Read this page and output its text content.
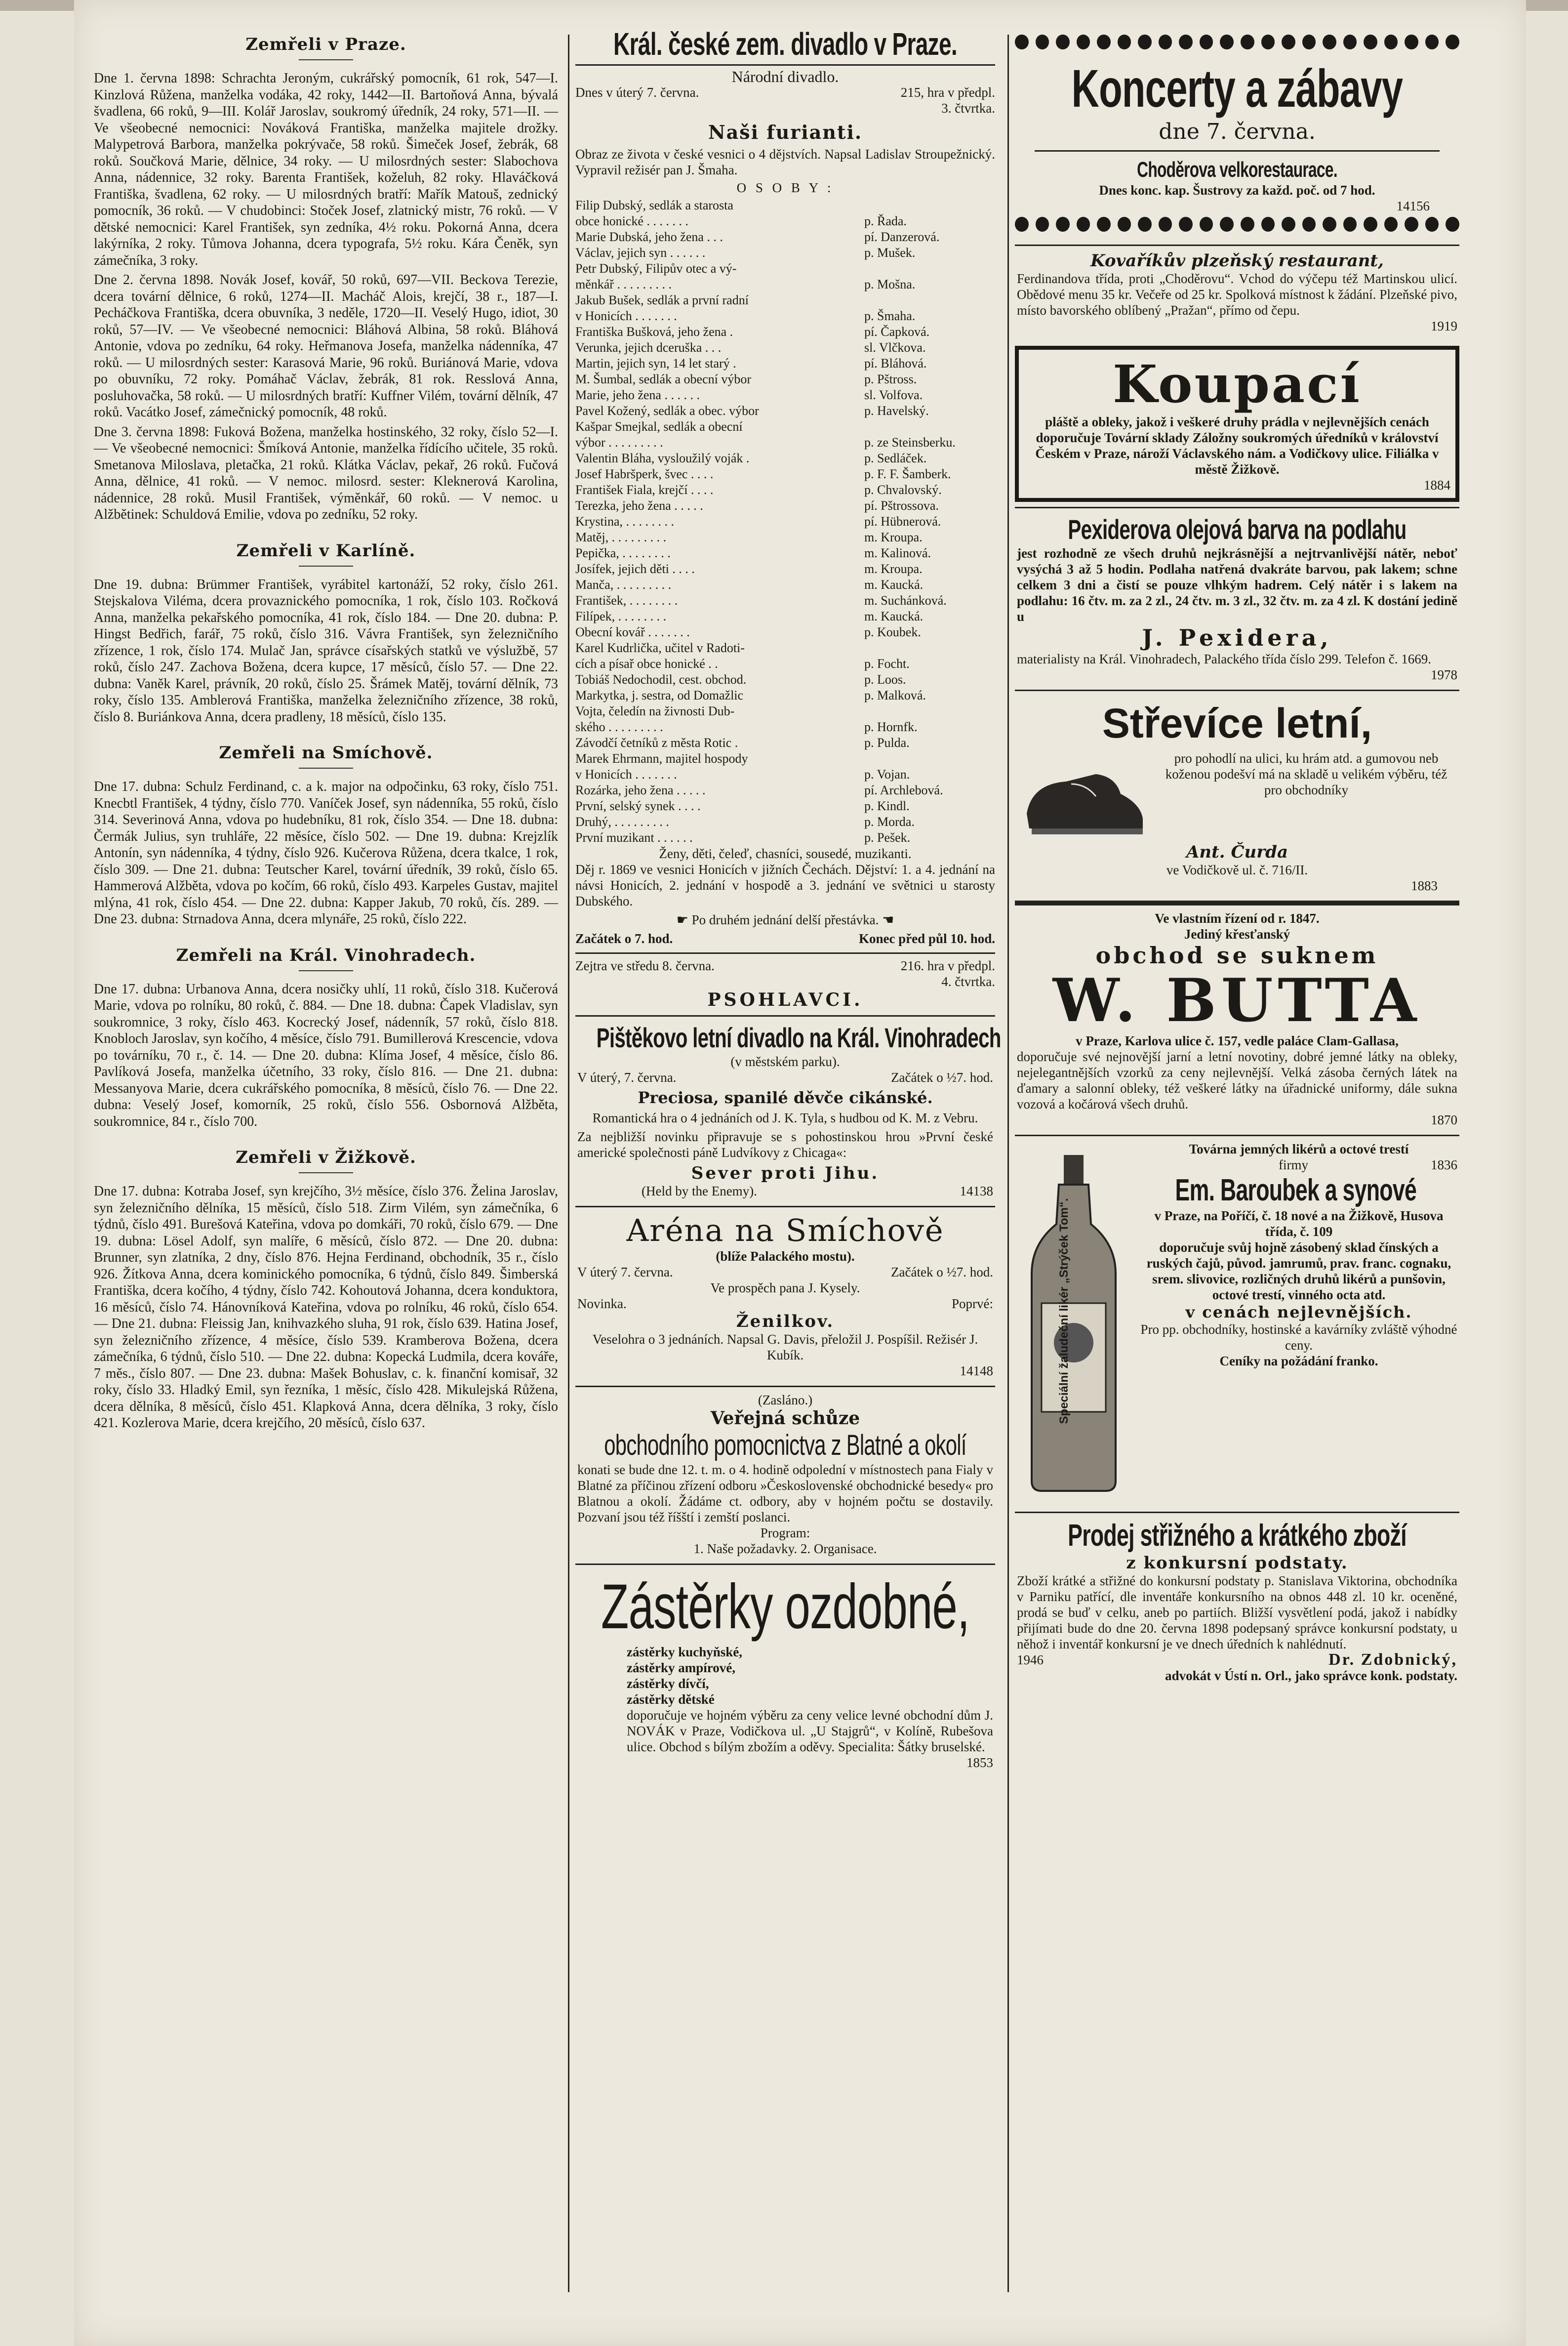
Zemřeli v Praze.

Dne 1. června 1898: Schrachta Jeroným, cukrářský pomocník, 61 rok, 547—I. Kinzlová Růžena, manželka vodáka, 42 roky, 1442—II. Bartoňová Anna, bývalá švadlena, 66 roků, 9—III. Kolář Jaroslav, soukromý úředník, 24 roky, 571—II. — Ve všeobecné nemocnici: Nováková Františka, manželka majitele drožky. Malypetrová Barbora, manželka pokrývače, 58 roků. Šimeček Josef, žebrák, 68 roků. Součková Marie, dělnice, 34 roky. — U milosrdných sester: Slabochova Anna, nádennice, 32 roky. Barenta František, koželuh, 82 roky. Hlaváčková Františka, švadlena, 62 roky. — U milosrdných bratří: Mařík Matouš, zednický pomocník, 36 roků. — V chudobinci: Stoček Josef, zlatnický mistr, 76 roků. — V dětské nemocnici: Karel František, syn zedníka, 4½ roku. Pokorná Anna, dcera lakýrníka, 2 roky. Tůmova Johanna, dcera typografa, 5½ roku. Kára Čeněk, syn zámečníka, 3 roky.

Dne 2. června 1898. Novák Josef, kovář, 50 roků, 697—VII. Beckova Terezie, dcera tovární dělnice, 6 roků, 1274—II. Macháč Alois, krejčí, 38 r., 187—I. Pecháčkova Františka, dcera obuvníka, 3 neděle, 1720—II. Veselý Hugo, idiot, 30 roků, 57—IV. — Ve všeobecné nemocnici: Bláhová Albina, 58 roků. Bláhová Antonie, vdova po zedníku, 64 roky. Heřmanova Josefa, manželka nádenníka, 47 roků. — U milosrdných sester: Karasová Marie, 96 roků. Buriánová Marie, vdova po obuvníku, 72 roky. Pomáhač Václav, žebrák, 81 rok. Resslová Anna, posluhovačka, 58 roků. — U milosrdných bratří: Kuffner Vilém, tovární dělník, 47 roků. Vacátko Josef, zámečnický pomocník, 48 roků.

Dne 3. června 1898: Fuková Božena, manželka hostinského, 32 roky, číslo 52—I. — Ve všeobecné nemocnici: Šmíková Antonie, manželka řídícího učitele, 35 roků. Smetanova Miloslava, pletačka, 21 roků. Klátka Václav, pekař, 26 roků. Fučová Anna, dělnice, 41 roků. — V nemoc. milosrd. sester: Kleknerová Karolina, nádennice, 28 roků. Musil František, výměnkář, 60 roků. — V nemoc. u Alžbětinek: Schuldová Emilie, vdova po zedníku, 52 roky.

Zemřeli v Karlíně.

Dne 19. dubna: Brümmer František, vyrábitel kartonáží, 52 roky, číslo 261. Stejskalova Viléma, dcera provaznického pomocníka, 1 rok, číslo 103. Ročková Anna, manželka pekařského pomocníka, 41 rok, číslo 184. — Dne 20. dubna: P. Hingst Bedřich, farář, 75 roků, číslo 316. Vávra František, syn železničního zřízence, 1 rok, číslo 174. Mulač Jan, správce císařských statků ve výslužbě, 57 roků, číslo 247. Zachova Božena, dcera kupce, 17 měsíců, číslo 57. — Dne 22. dubna: Vaněk Karel, právník, 20 roků, číslo 25. Šrámek Matěj, tovární dělník, 73 roky, číslo 135. Amblerová Františka, manželka železničního zřízence, 38 roků, číslo 8. Buriánkova Anna, dcera pradleny, 18 měsíců, číslo 135.

Zemřeli na Smíchově.

Dne 17. dubna: Schulz Ferdinand, c. a k. major na odpočinku, 63 roky, číslo 751. Knecbtl František, 4 týdny, číslo 770. Vaníček Josef, syn nádenníka, 55 roků, číslo 314. Severinová Anna, vdova po hudebníku, 81 rok, číslo 354. — Dne 18. dubna: Čermák Julius, syn truhláře, 22 měsíce, číslo 502. — Dne 19. dubna: Krejzlík Antonín, syn nádenníka, 4 týdny, číslo 926. Kučerova Růžena, dcera tkalce, 1 rok, číslo 309. — Dne 21. dubna: Teutscher Karel, tovární úředník, 39 roků, číslo 65. Hammerová Alžběta, vdova po kočím, 66 roků, číslo 493. Karpeles Gustav, majitel mlýna, 41 rok, číslo 454. — Dne 22. dubna: Kapper Jakub, 70 roků, čís. 289. — Dne 23. dubna: Strnadova Anna, dcera mlynáře, 25 roků, číslo 222.

Zemřeli na Král. Vinohradech.

Dne 17. dubna: Urbanova Anna, dcera nosičky uhlí, 11 roků, číslo 318. Kučerová Marie, vdova po rolníku, 80 roků, č. 884. — Dne 18. dubna: Čapek Vladislav, syn soukromnice, 3 roky, číslo 463. Kocrecký Josef, nádenník, 57 roků, číslo 818. Knobloch Jaroslav, syn kočího, 4 měsíce, číslo 791. Bumillerová Krescencie, vdova po továrníku, 70 r., č. 14. — Dne 20. dubna: Klíma Josef, 4 měsíce, číslo 86. Pavlíková Josefa, manželka účetního, 33 roky, číslo 816. — Dne 21. dubna: Messanyova Marie, dcera cukrářského pomocníka, 8 měsíců, číslo 76. — Dne 22. dubna: Veselý Josef, komorník, 25 roků, číslo 556. Osbornová Alžběta, soukromnice, 84 r., číslo 700.

Zemřeli v Žižkově.

Dne 17. dubna: Kotraba Josef, syn krejčího, 3½ měsíce, číslo 376. Želina Jaroslav, syn železničního dělníka, 15 měsíců, číslo 518. Zirm Vilém, syn zámečníka, 6 týdnů, číslo 491. Burešová Kateřina, vdova po domkáři, 70 roků, číslo 679. — Dne 19. dubna: Lösel Adolf, syn malíře, 6 měsíců, číslo 872. — Dne 20. dubna: Brunner, syn zlatníka, 2 dny, číslo 876. Hejna Ferdinand, obchodník, 35 r., číslo 926. Žítkova Anna, dcera kominického pomocníka, 6 týdnů, číslo 849. Šimberská Františka, dcera kočího, 4 týdny, číslo 742. Kohoutová Johanna, dcera konduktora, 16 měsíců, číslo 74. Hánovníková Kateřina, vdova po rolníku, 46 roků, číslo 654. — Dne 21. dubna: Fleissig Jan, knihvazkého sluha, 91 rok, číslo 639. Hatina Josef, syn železničního zřízence, 4 měsíce, číslo 539. Kramberova Božena, dcera zámečníka, 6 týdnů, číslo 510. — Dne 22. dubna: Kopecká Ludmila, dcera kováře, 7 měs., číslo 807. — Dne 23. dubna: Mašek Bohuslav, c. k. finanční komisař, 32 roky, číslo 33. Hladký Emil, syn řezníka, 1 měsíc, číslo 428. Mikulejská Růžena, dcera dělníka, 8 měsíců, číslo 451. Klapková Anna, dcera dělníka, 3 roky, číslo 421. Kozlerova Marie, dcera krejčího, 20 měsíců, číslo 637.

Král. české zem. divadlo v Praze.
Národní divadlo.
Dnes v úterý 7. června.	215, hra v předpl.
3. čtvrtka.
Naši furianti.
Obraz ze života v české vesnici o 4 dějstvích. Napsal Ladislav Stroupežnický. Vypravil režisér pan J. Šmaha.
O S O B Y :
Filip Dubský, sedlák a starosta
obce honické . . . . . . .	p. Řada.
Marie Dubská, jeho žena . . .	pí. Danzerová.
Václav, jejich syn . . . . . .	p. Mušek.
Petr Dubský, Filipův otec a vý-
měnkář . . . . . . . . .	p. Mošna.
Jakub Bušek, sedlák a první radní
v Honicích . . . . . . .	p. Šmaha.
Františka Bušková, jeho žena .	pí. Čapková.
Verunka, jejich dceruška . . .	sl. Vlčkova.
Martin, jejich syn, 14 let starý .	pí. Bláhová.
M. Šumbal, sedlák a obecní výbor	p. Pštross.
Marie, jeho žena . . . . . .	sl. Volfova.
Pavel Kožený, sedlák a obec. výbor	p. Havelský.
Kašpar Smejkal, sedlák a obecní
výbor . . . . . . . . .	p. ze Steinsberku.
Valentin Bláha, vysloužilý voják .	p. Sedláček.
Josef Habršperk, švec . . . .	p. F. F. Šamberk.
František Fiala, krejčí . . . .	p. Chvalovský.
Terezka, jeho žena . . . . .	pí. Pštrossova.
Krystina, . . . . . . . .	pí. Hübnerová.
Matěj, . . . . . . . . .	m. Kroupa.
Pepička, . . . . . . . .	m. Kalinová.
Josífek, jejich děti . . . .	m. Kroupa.
Manča, . . . . . . . . .	m. Kaucká.
František, . . . . . . . .	m. Suchánková.
Filípek, . . . . . . . .	m. Kaucká.
Obecní kovář . . . . . . .	p. Koubek.
Karel Kudrlička, učitel v Radoti-
cích a písař obce honické . .	p. Focht.
Tobiáš Nedochodil, cest. obchod.	p. Loos.
Markytka, j. sestra, od Domažlic	p. Malková.
Vojta, čeledín na živnosti Dub-
ského . . . . . . . . .	p. Hornfk.
Závodčí četníků z města Rotic .	p. Pulda.
Marek Ehrmann, majitel hospody
v Honicích . . . . . . .	p. Vojan.
Rozárka, jeho žena . . . . .	pí. Archlebová.
První, selský synek . . . .	p. Kindl.
Druhý, . . . . . . . . .	p. Morda.
První muzikant . . . . . .	p. Pešek.
Ženy, děti, čeleď, chasníci, sousedé, muzikanti.
Děj r. 1869 ve vesnici Honicích v jižních Čechách. Dějství: 1. a 4. jednání na návsi Honicích, 2. jednání v hospodě a 3. jednání ve světnici u starosty Dubského.
☛ Po druhém jednání delší přestávka. ☚
Začátek o 7. hod.	Konec před půl 10. hod.
Zejtra ve středu 8. června.	216. hra v předpl.
4. čtvrtka.
PSOHLAVCI.
Pištěkovo letní divadlo na Král. Vinohradech
(v městském parku).
V úterý, 7. června.	Začátek o ½7. hod.
Preciosa, spanilé děvče cikánské.
Romantická hra o 4 jednáních od J. K. Tyla, s hudbou od K. M. z Vebru.
Za nejbližší novinku připravuje se s pohostinskou hrou »První české americké společnosti páně Ludvíkovy z Chicaga«:
Sever proti Jihu.
(Held by the Enemy).	14138
Aréna na Smíchově
(blíže Palackého mostu).
V úterý 7. června.	Začátek o ½7. hod.
Ve prospěch pana J. Kysely.
Novinka.	Poprvé:
Ženilkov.
Veselohra o 3 jednáních. Napsal G. Davis, přeložil J. Pospíšil. Režisér J. Kubík.
14148
(Zasláno.)
Veřejná schůze
obchodního pomocnictva z Blatné a okolí
konati se bude dne 12. t. m. o 4. hodině odpolední v místnostech pana Fialy v Blatné za příčinou zřízení odboru »Československé obchodnické besedy« pro Blatnou a okolí. Žádáme ct. odbory, aby v hojném počtu se dostavily. Pozvaní jsou též říšští i zemští poslanci.
Program:
1. Naše požadavky. 2. Organisace.
Zástěrky ozdobné,
zástěrky kuchyňské,
zástěrky ampírové,
zástěrky dívčí,
zástěrky dětské
doporučuje ve hojném výběru za ceny velice levné obchodní dům J. NOVÁK v Praze, Vodičkova ul. „U Stajgrů“, v Kolíně, Rubešova ulice. Obchod s bílým zbožím a oděvy. Specialita: Šátky bruselské.
1853
Koncerty a zábavy
dne 7. června.
Choděrova velkorestaurace.
Dnes konc. kap. Šustrovy za každ. poč. od 7 hod.
14156
Kovaříkův plzeňský restaurant,
Ferdinandova třída, proti „Choděrovu“. Vchod do výčepu též Martinskou ulicí. Obědové menu 35 kr. Večeře od 25 kr. Spolková místnost k žádání. Plzeňské pivo, místo bavorského oblíbený „Pražan“, přímo od čepu.
1919
Koupací
pláště a obleky, jakož i veškeré druhy prádla v nejlevnějších cenách doporučuje Tovární sklady Záložny soukromých úředníků v království Českém v Praze, nároží Václavského nám. a Vodičkovy ulice. Filiálka v městě Žižkově.
1884
Pexiderova olejová barva na podlahu
jest rozhodně ze všech druhů nejkrásnější a nejtrvanlivější nátěr, neboť vysýchá 3 až 5 hodin. Podlaha natřená dvakráte barvou, pak lakem; schne celkem 3 dni a čistí se pouze vlhkým hadrem. Celý nátěr i s lakem na podlahu: 16 čtv. m. za 2 zl., 24 čtv. m. 3 zl., 32 čtv. m. za 4 zl. K dostání jedině u
J. Pexidera,
materialisty na Král. Vinohradech, Palackého třída číslo 299. Telefon č. 1669.
1978
Střevíce letní,
pro pohodlí na ulici, ku hrám atd. a gumovou neb koženou podešví má na skladě u velikém výběru, též pro obchodníky
Ant. Čurda
ve Vodičkově ul. č. 716/II.
1883
Ve vlastním řízení od r. 1847.
Jediný křesťanský
obchod se suknem
W. BUTTA
v Praze, Karlova ulice č. 157, vedle paláce Clam-Gallasa,
doporučuje své nejnovější jarní a letní novotiny, dobré jemné látky na obleky, nejelegantnějších vzorků za ceny nejlevnější. Velká zásoba černých látek na ďamary a salonní obleky, též veškeré látky na úřadnické uniformy, dále sukna vozová a kočárová všech druhů.
1870
Speciální žaludeční likér „Strýček Tom“.
Továrna jemných likérů a octové trestí
firmy	1836
Em. Baroubek a synové
v Praze, na Poříčí, č. 18 nové a na Žižkově, Husova třída, č. 109
doporučuje svůj hojně zásobený sklad čínských a ruských čajů, původ. jamrumů, prav. franc. cognaku, srem. slivovice, rozličných druhů likérů a punšovin, octové trestí, vinného octa atd.
v cenách nejlevnějších.
Pro pp. obchodníky, hostinské a kavárníky zvláště výhodné ceny.
Ceníky na požádání franko.
Prodej střižného a krátkého zboží
z konkursní podstaty.
Zboží krátké a střižné do konkursní podstaty p. Stanislava Viktorina, obchodníka v Parniku patřící, dle inventáře konkursního na obnos 448 zl. 10 kr. oceněné, prodá se buď v celku, aneb po partiích. Bližší vysvětlení podá, jakož i nabídky přijímati bude do dne 20. června 1898 podepsaný správce konkursní podstaty, u něhož i inventář konkursní je ve dnech úředních k nahlédnutí.
1946	Dr. Zdobnický,
advokát v Ústí n. Orl., jako správce konk. podstaty.
